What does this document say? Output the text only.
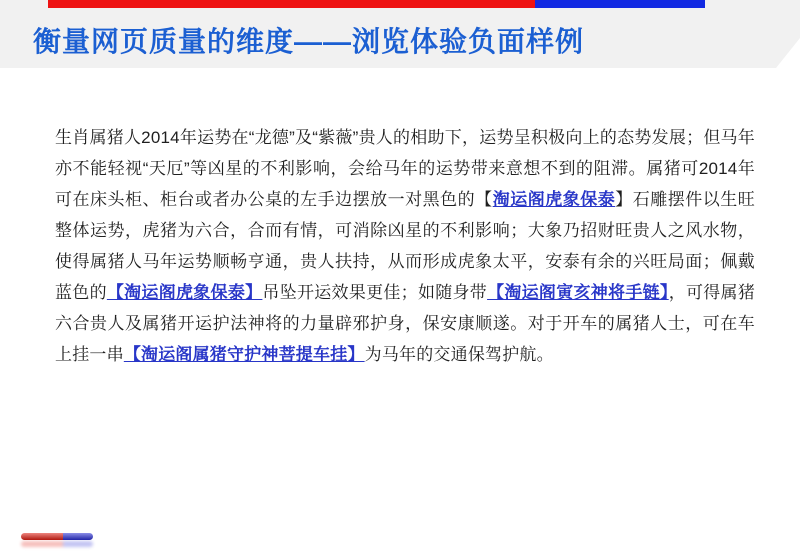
衡量网页质量的维度——浏览体验负面样例
生肖属猪人2014年运势在“龙德”及“紫薇”贵人的相助下，运势呈积极向上的态势发展；但马年亦不能轻视“天厄”等凶星的不利影响，会给马年的运势带来意想不到的阻滞。属猪可2014年可在床头柜、柜台或者办公桌的左手边摆放一对黑色的【淘运阁虎象保泰】石雕摆件以生旺整体运势，虎猪为六合，合而有情，可消除凶星的不利影响；大象乃招财旺贵人之风水物，使得属猪人马年运势顺畅亨通，贵人扶持，从而形成虎象太平，安泰有余的兴旺局面；佩戴蓝色的【淘运阁虎象保泰】吊坠开运效果更佳；如随身带【淘运阁寅亥神将手链】，可得属猪六合贵人及属猪开运护法神将的力量辟邪护身，保安康顺遂。对于开车的属猪人士，可在车上挂一串【淘运阁属猪守护神菩提车挂】为马年的交通保驾护航。
